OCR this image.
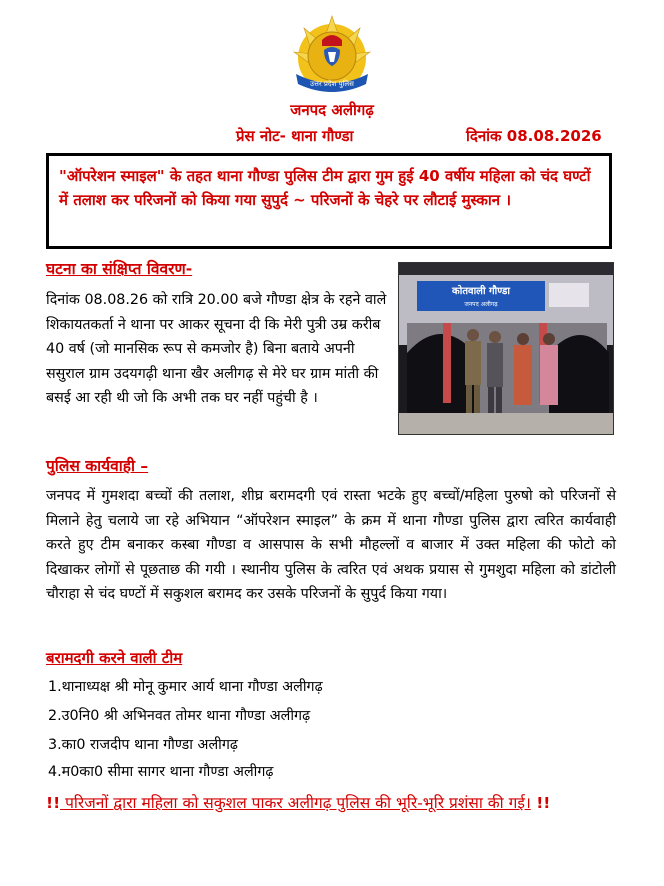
उत्तर प्रदेश पुलिस
जनपद अलीगढ़
प्रेस नोट- थाना गौण्डा	दिनांक 08.08.2026

"ऑपरेशन स्माइल" के तहत थाना गौण्डा पुलिस टीम द्वारा गुम हुई 40 वर्षीय महिला को चंद घण्टों में तलाश कर परिजनों को किया गया सुपुर्द ~ परिजनों के चेहरे पर लौटाई मुस्कान ।

घटना का संक्षिप्त विवरण-

दिनांक 08.08.26 को रात्रि 20.00 बजे गौण्डा क्षेत्र के रहने वाले शिकायतकर्ता ने थाना पर आकर सूचना दी कि मेरी पुत्री उम्र करीब 40 वर्ष (जो मानसिक रूप से कमजोर है) बिना बताये अपनी ससुराल ग्राम उदयगढ़ी थाना खैर अलीगढ़ से मेरे घर ग्राम मांती की बसई आ रही थी जो कि अभी तक घर नहीं पहुंची है ।

कोतवाली गौण्डा
जनपद अलीगढ़
पुलिस कार्यवाही –

जनपद में गुमशदा बच्चों की तलाश, शीघ्र बरामदगी एवं रास्ता भटके हुए बच्चों/महिला पुरुषो को परिजनों से मिलाने हेतु चलाये जा रहे अभियान “ऑपरेशन स्माइल” के क्रम में थाना गौण्डा पुलिस द्वारा त्वरित कार्यवाही करते हुए टीम बनाकर कस्बा गौण्डा व आसपास के सभी मौहल्लों व बाजार में उक्त महिला की फोटो को दिखाकर लोगों से पूछताछ की गयी । स्थानीय पुलिस के त्वरित एवं अथक प्रयास से गुमशुदा महिला को डांटोली चौराहा से चंद घण्टों में सकुशल बरामद कर उसके परिजनों के सुपुर्द किया गया।

बरामदगी करने वाली टीम
1.थानाध्यक्ष श्री मोनू कुमार आर्य थाना गौण्डा अलीगढ़
2.उ0नि0 श्री अभिनवत तोमर थाना गौण्डा अलीगढ़
3.का0 राजदीप थाना गौण्डा अलीगढ़
4.म0का0 सीमा सागर थाना गौण्डा अलीगढ़
!! परिजनों द्वारा महिला को सकुशल पाकर अलीगढ़ पुलिस की भूरि-भूरि प्रशंसा की गई। !!
